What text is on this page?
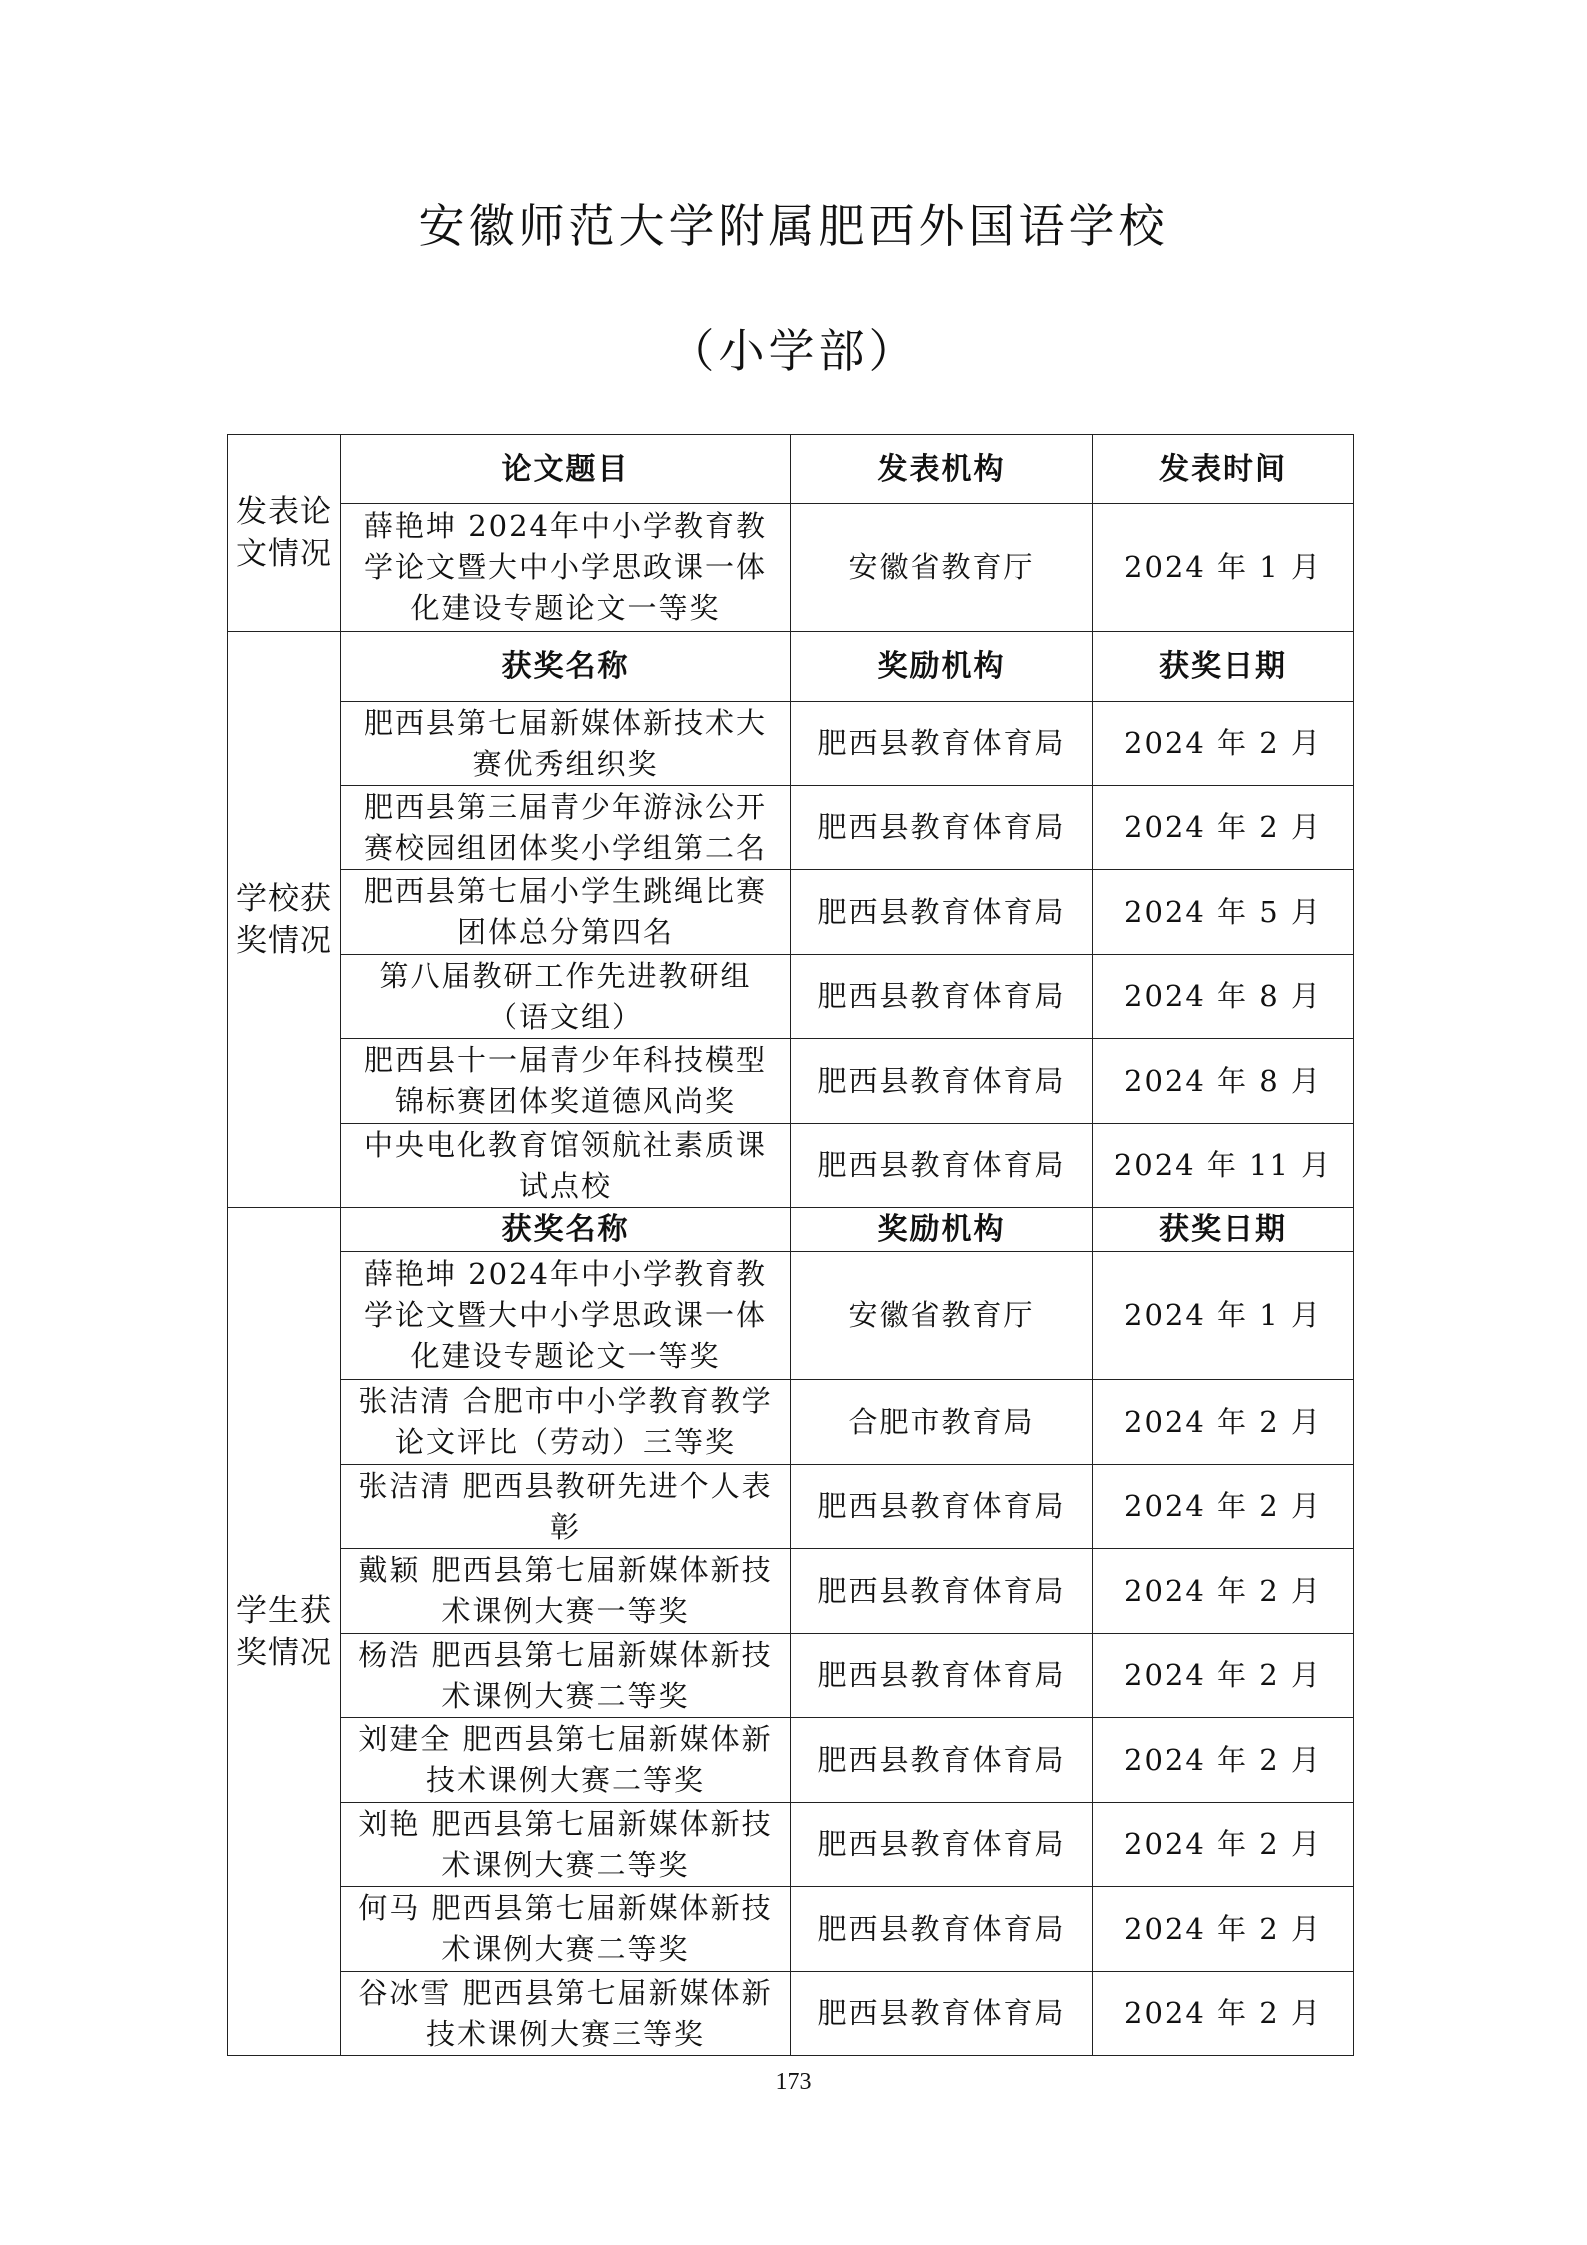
安徽师范大学附属肥西外国语学校
（小学部）
发表论文情况	论文题目	发表机构	发表时间
	薛艳坤 2024年中小学教育教学论文暨大中小学思政课一体化建设专题论文一等奖	安徽省教育厅	2024 年 1 月
学校获奖情况	获奖名称	奖励机构	获奖日期
	肥西县第七届新媒体新技术大赛优秀组织奖	肥西县教育体育局	2024 年 2 月
	肥西县第三届青少年游泳公开赛校园组团体奖小学组第二名	肥西县教育体育局	2024 年 2 月
	肥西县第七届小学生跳绳比赛团体总分第四名	肥西县教育体育局	2024 年 5 月
	第八届教研工作先进教研组（语文组）	肥西县教育体育局	2024 年 8 月
	肥西县十一届青少年科技模型锦标赛团体奖道德风尚奖	肥西县教育体育局	2024 年 8 月
	中央电化教育馆领航社素质课试点校	肥西县教育体育局	2024 年 11 月
学生获奖情况	获奖名称	奖励机构	获奖日期
	薛艳坤 2024年中小学教育教学论文暨大中小学思政课一体化建设专题论文一等奖	安徽省教育厅	2024 年 1 月
	张洁清 合肥市中小学教育教学论文评比（劳动）三等奖	合肥市教育局	2024 年 2 月
	张洁清 肥西县教研先进个人表彰	肥西县教育体育局	2024 年 2 月
	戴颖 肥西县第七届新媒体新技术课例大赛一等奖	肥西县教育体育局	2024 年 2 月
	杨浩 肥西县第七届新媒体新技术课例大赛二等奖	肥西县教育体育局	2024 年 2 月
	刘建全 肥西县第七届新媒体新技术课例大赛二等奖	肥西县教育体育局	2024 年 2 月
	刘艳 肥西县第七届新媒体新技术课例大赛二等奖	肥西县教育体育局	2024 年 2 月
	何马 肥西县第七届新媒体新技术课例大赛二等奖	肥西县教育体育局	2024 年 2 月
	谷冰雪 肥西县第七届新媒体新技术课例大赛三等奖	肥西县教育体育局	2024 年 2 月
173
